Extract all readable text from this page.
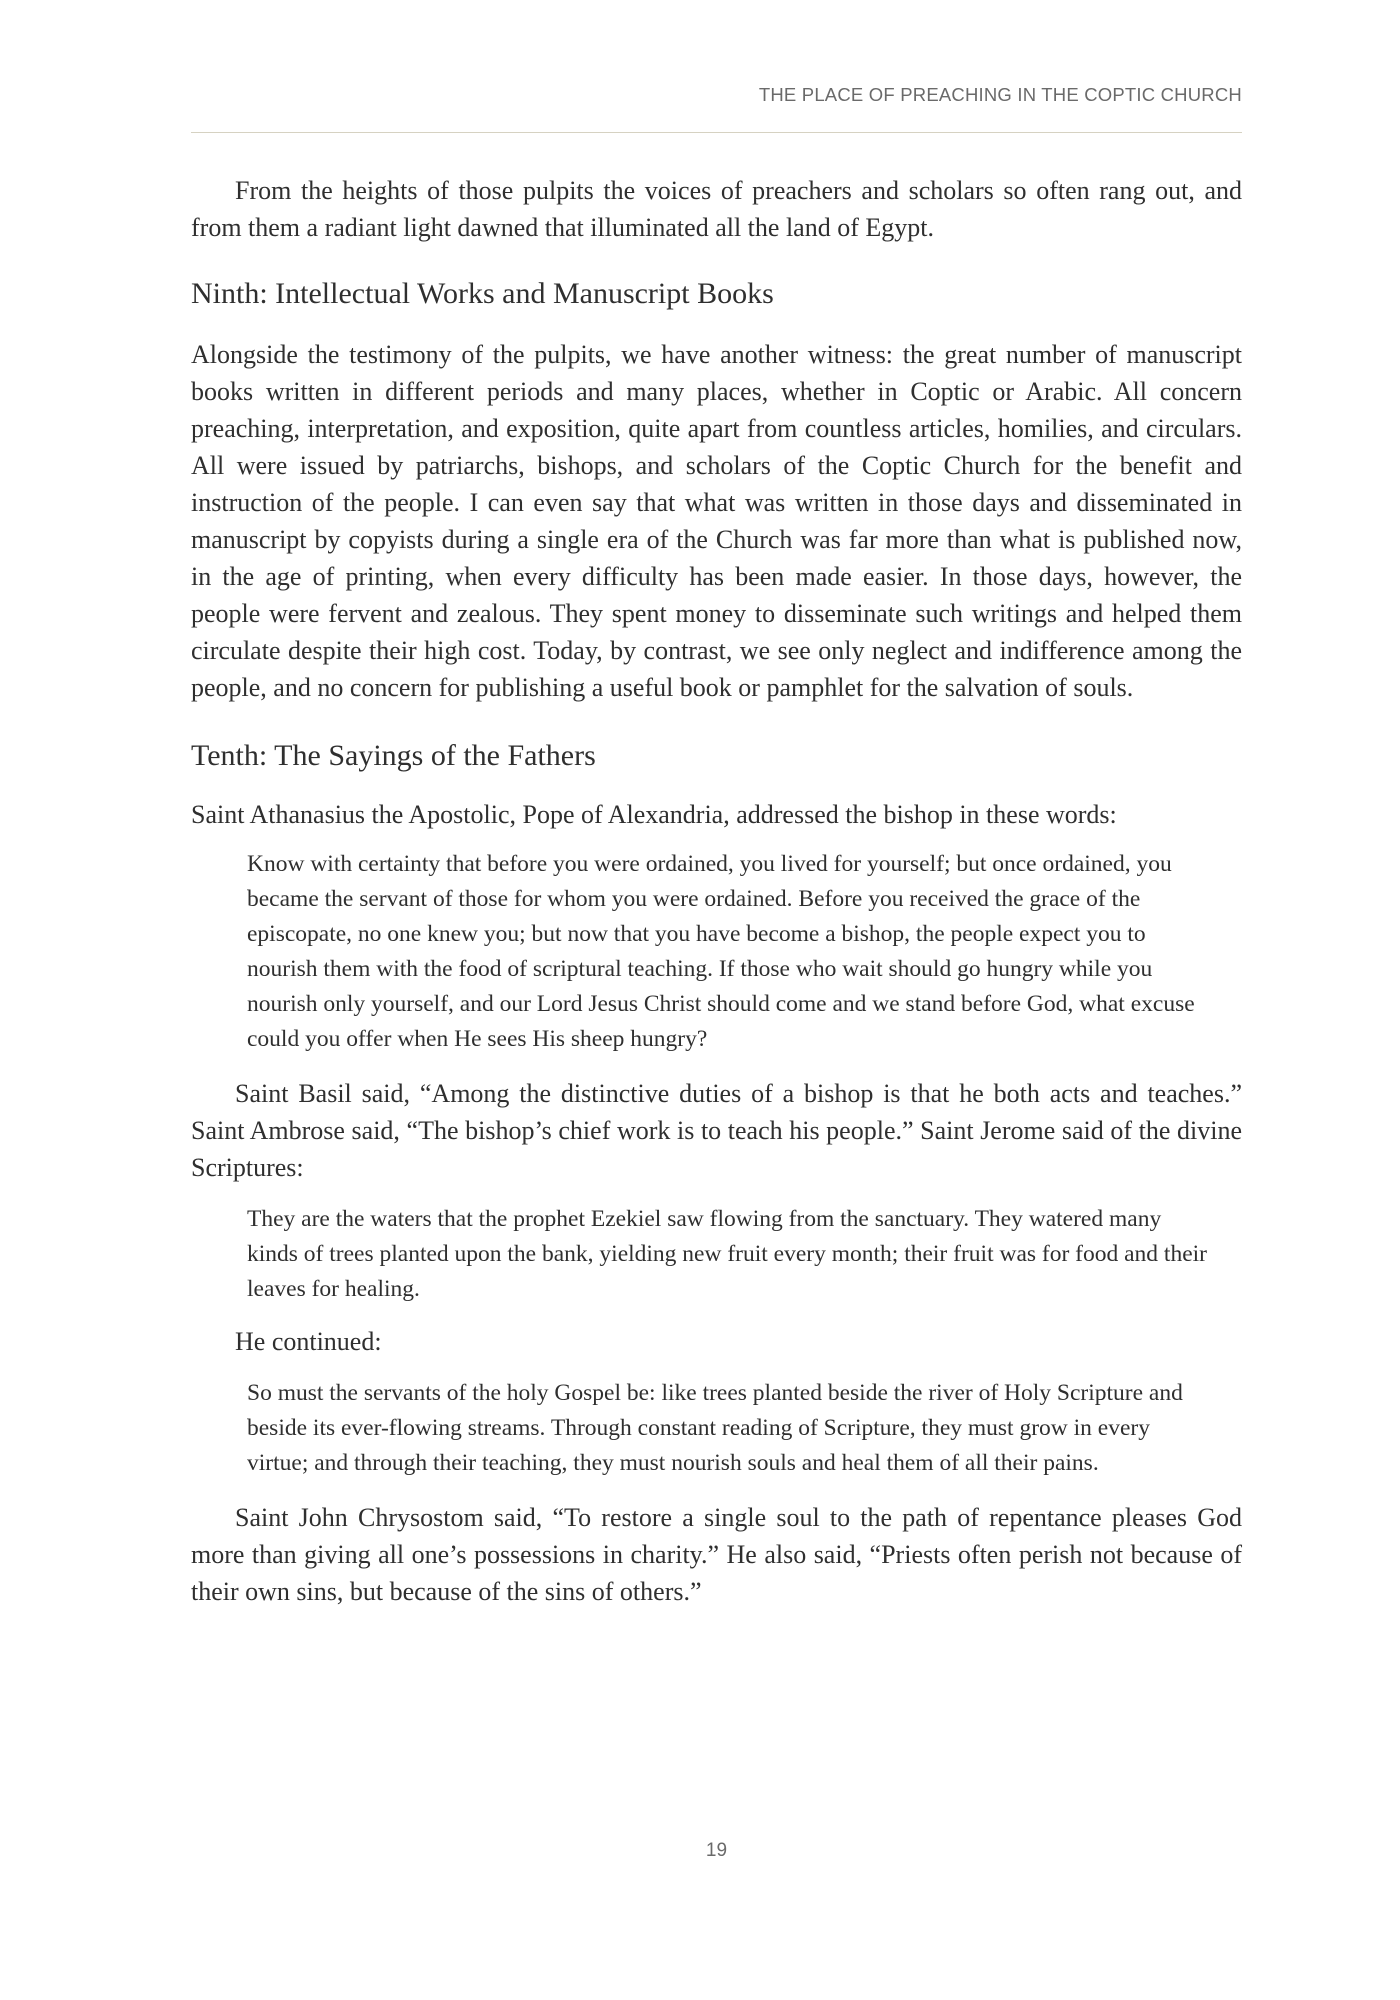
THE PLACE OF PREACHING IN THE COPTIC CHURCH

From the heights of those pulpits the voices of preachers and scholars so often rang out, and from them a radiant light dawned that illuminated all the land of Egypt.

Ninth: Intellectual Works and Manuscript Books

Alongside the testimony of the pulpits, we have another witness: the great number of manuscript books written in different periods and many places, whether in Coptic or Arabic. All concern preaching, interpretation, and exposition, quite apart from countless articles, homilies, and circulars. All were issued by patriarchs, bishops, and scholars of the Coptic Church for the benefit and instruction of the people. I can even say that what was written in those days and disseminated in manuscript by copyists during a single era of the Church was far more than what is published now, in the age of printing, when every difficulty has been made easier. In those days, however, the people were fervent and zealous. They spent money to disseminate such writings and helped them circulate despite their high cost. Today, by contrast, we see only neglect and indifference among the people, and no concern for publishing a useful book or pamphlet for the salvation of souls.

Tenth: The Sayings of the Fathers

Saint Athanasius the Apostolic, Pope of Alexandria, addressed the bishop in these words:

Know with certainty that before you were ordained, you lived for yourself; but once ordained, you became the servant of those for whom you were ordained. Before you received the grace of the episcopate, no one knew you; but now that you have become a bishop, the people expect you to nourish them with the food of scriptural teaching. If those who wait should go hungry while you nourish only yourself, and our Lord Jesus Christ should come and we stand before God, what excuse could you offer when He sees His sheep hungry?

Saint Basil said, “Among the distinctive duties of a bishop is that he both acts and teaches.” Saint Ambrose said, “The bishop’s chief work is to teach his people.” Saint Jerome said of the divine Scriptures:

They are the waters that the prophet Ezekiel saw flowing from the sanctuary. They watered many kinds of trees planted upon the bank, yielding new fruit every month; their fruit was for food and their leaves for healing.

He continued:

So must the servants of the holy Gospel be: like trees planted beside the river of Holy Scripture and beside its ever-flowing streams. Through constant reading of Scripture, they must grow in every virtue; and through their teaching, they must nourish souls and heal them of all their pains.

Saint John Chrysostom said, “To restore a single soul to the path of repentance pleases God more than giving all one’s possessions in charity.” He also said, “Priests often perish not because of their own sins, but because of the sins of others.”

19
